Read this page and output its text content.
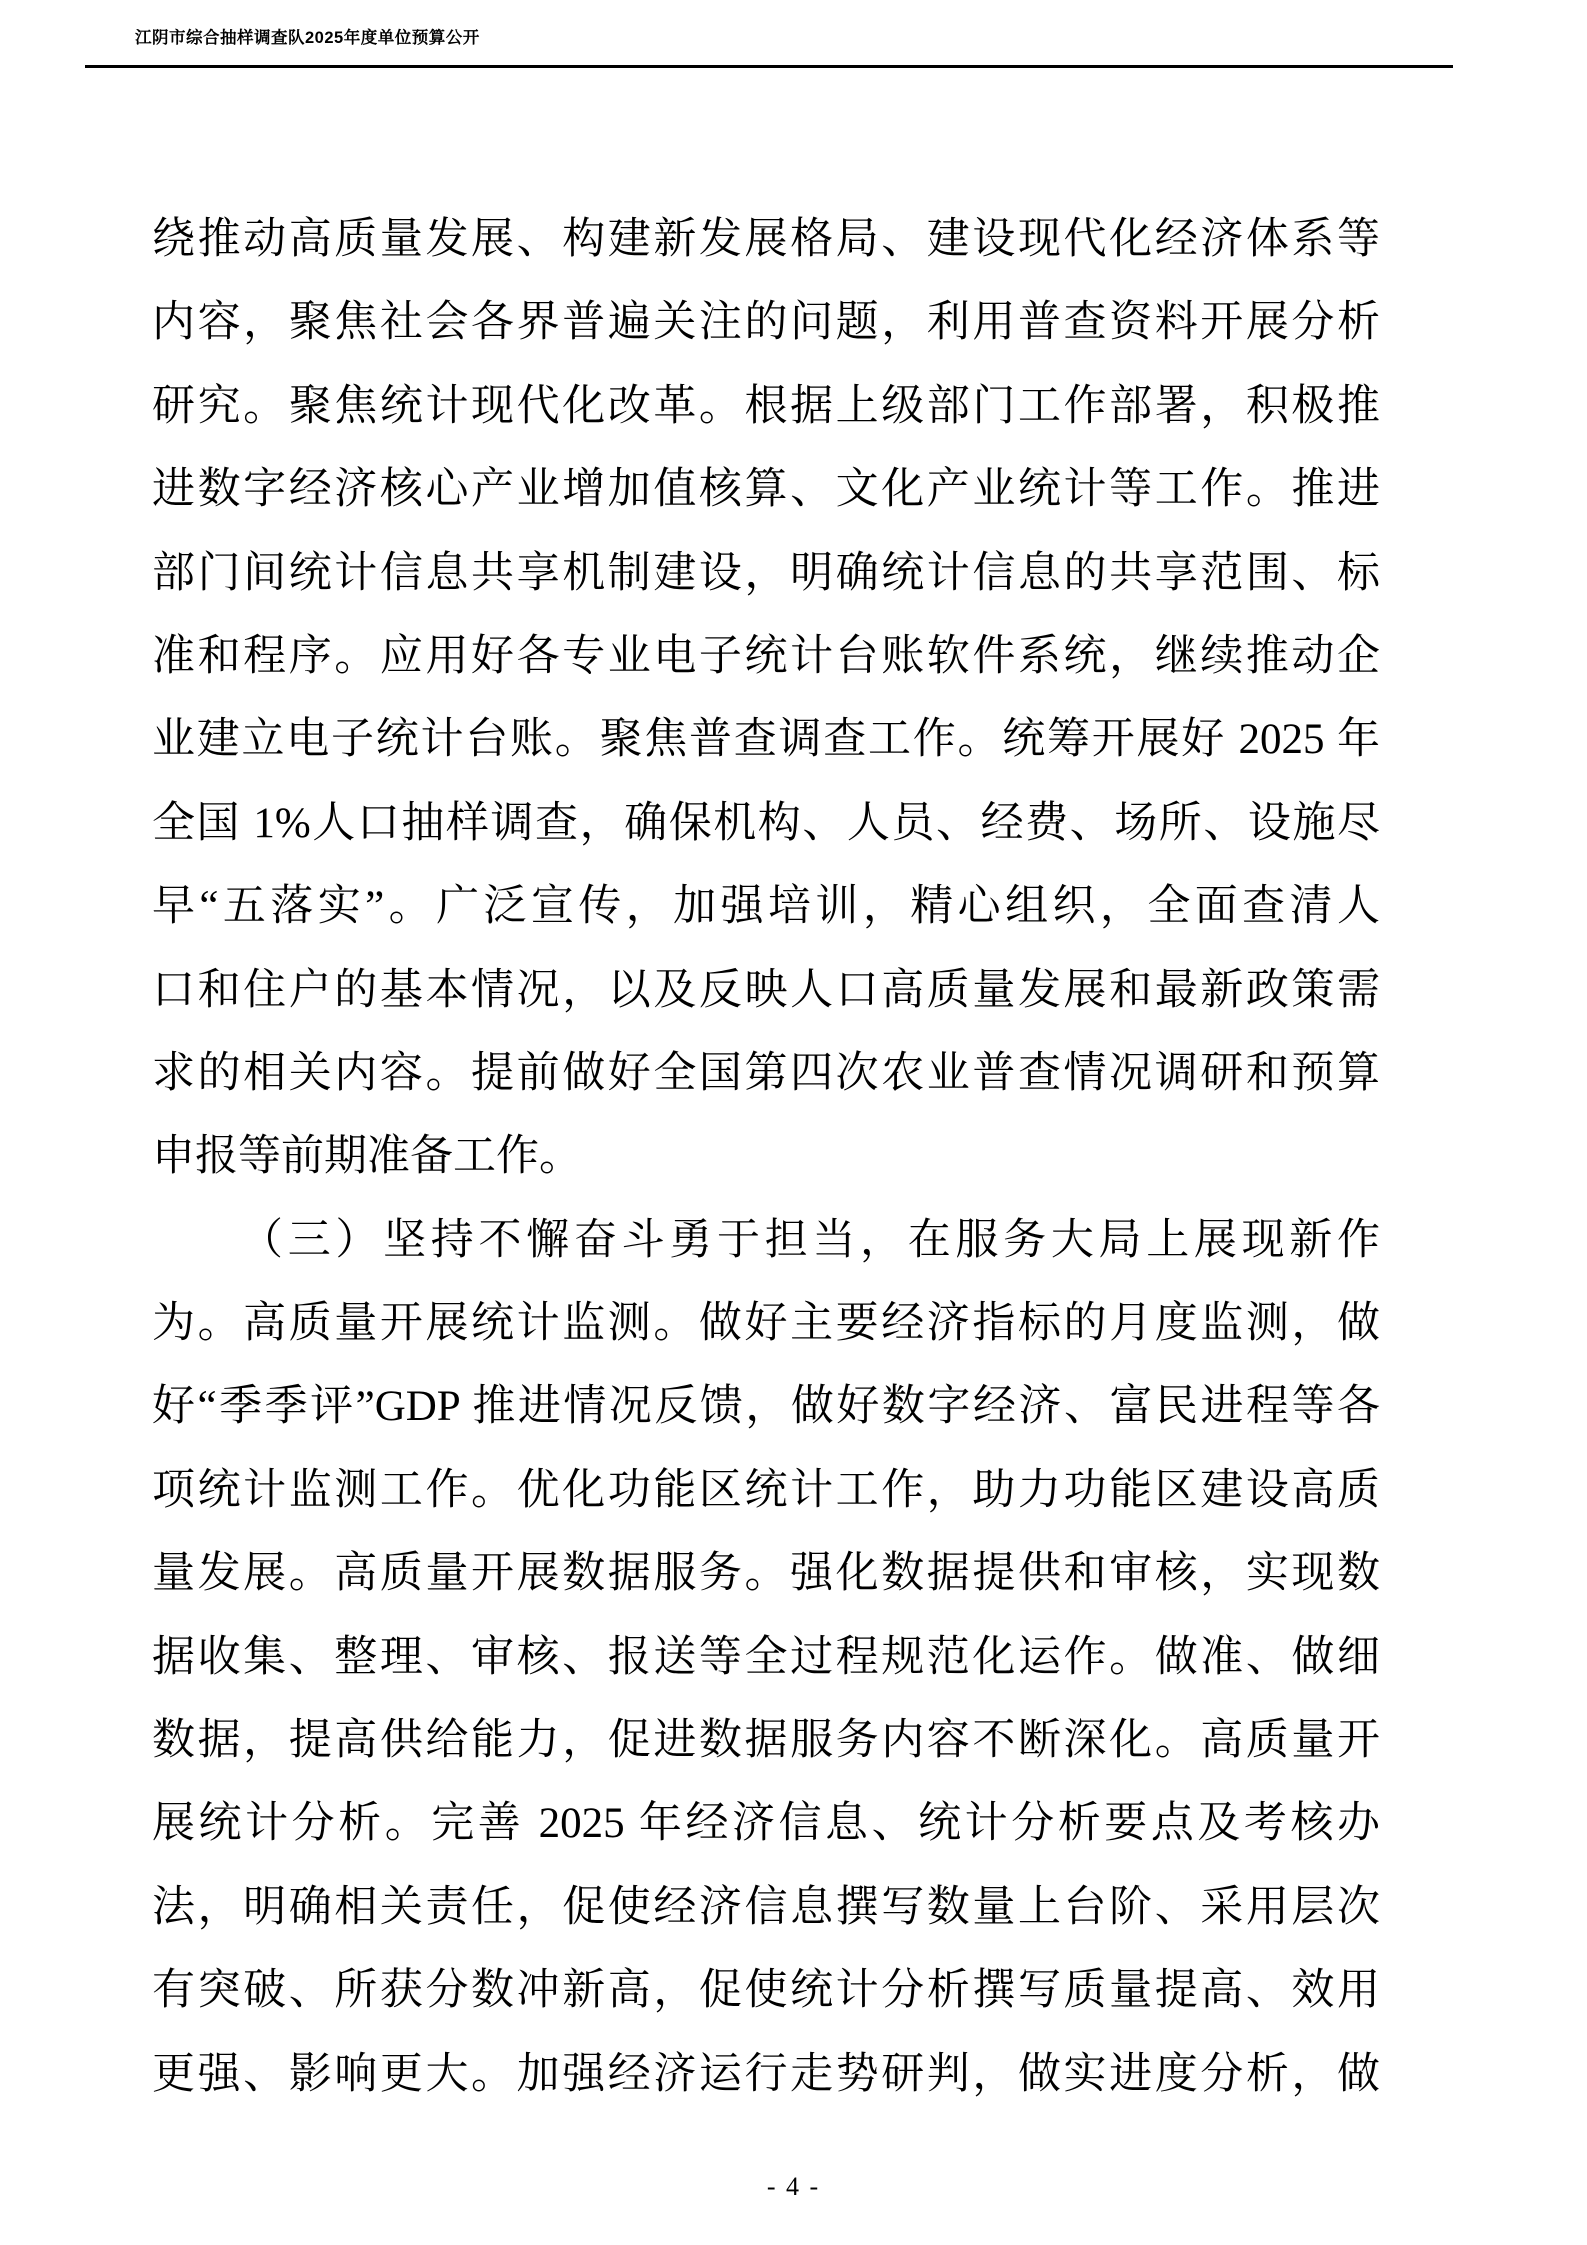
江阴市综合抽样调查队2025年度单位预算公开
绕推动高质量发展、构建新发展格局、建设现代化经济体系等
内容，聚焦社会各界普遍关注的问题，利用普查资料开展分析
研究。聚焦统计现代化改革。根据上级部门工作部署，积极推
进数字经济核心产业增加值核算、文化产业统计等工作。推进
部门间统计信息共享机制建设，明确统计信息的共享范围、标
准和程序。应用好各专业电子统计台账软件系统，继续推动企
业建立电子统计台账。聚焦普查调查工作。统筹开展好 2025 年
全国 1%人口抽样调查，确保机构、人员、经费、场所、设施尽
早“五落实”。广泛宣传，加强培训，精心组织，全面查清人
口和住户的基本情况，以及反映人口高质量发展和最新政策需
求的相关内容。提前做好全国第四次农业普查情况调研和预算
申报等前期准备工作。
（三）坚持不懈奋斗勇于担当，在服务大局上展现新作
为。高质量开展统计监测。做好主要经济指标的月度监测，做
好“季季评”GDP 推进情况反馈，做好数字经济、富民进程等各
项统计监测工作。优化功能区统计工作，助力功能区建设高质
量发展。高质量开展数据服务。强化数据提供和审核，实现数
据收集、整理、审核、报送等全过程规范化运作。做准、做细
数据，提高供给能力，促进数据服务内容不断深化。高质量开
展统计分析。完善 2025 年经济信息、统计分析要点及考核办
法，明确相关责任，促使经济信息撰写数量上台阶、采用层次
有突破、所获分数冲新高，促使统计分析撰写质量提高、效用
更强、影响更大。加强经济运行走势研判，做实进度分析，做
- 4 -
